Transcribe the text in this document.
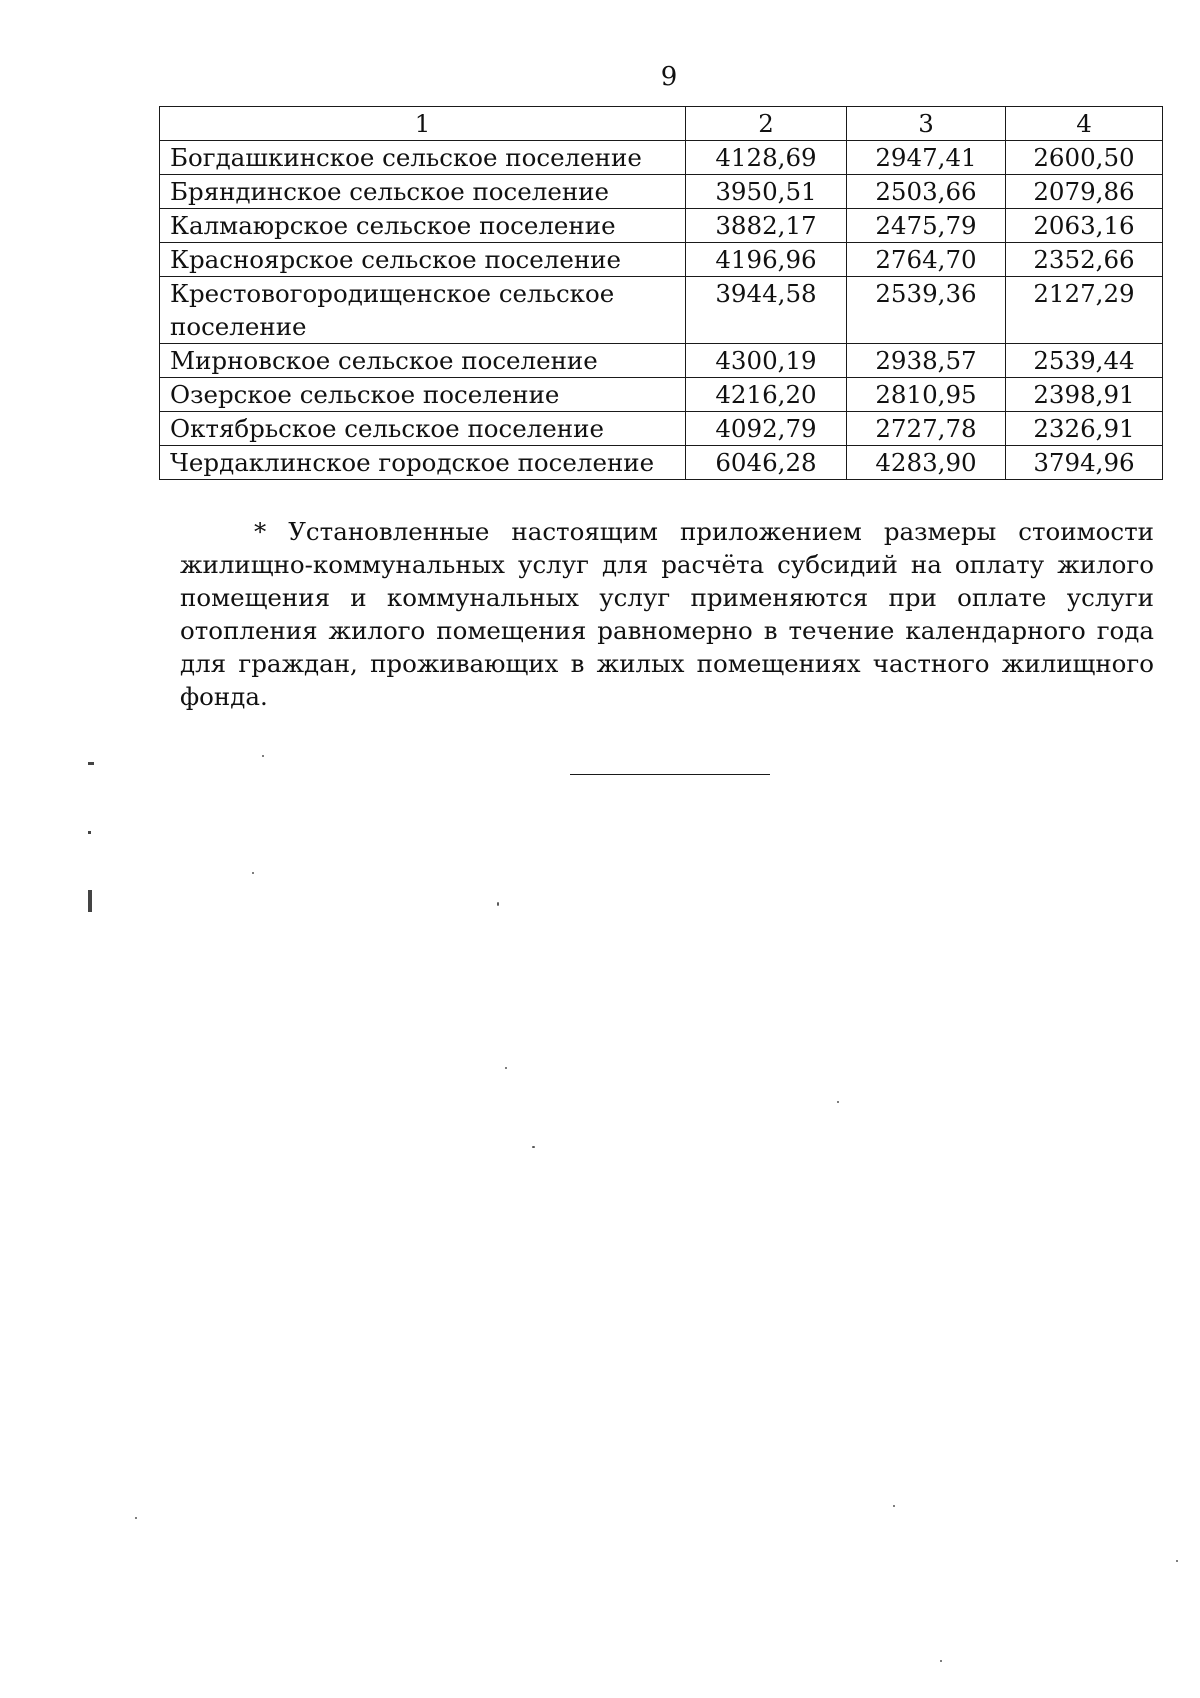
9
1	2	3	4
Богдашкинское сельское поселение	4128,69	2947,41	2600,50
Бряндинское сельское поселение	3950,51	2503,66	2079,86
Калмаюрское сельское поселение	3882,17	2475,79	2063,16
Красноярское сельское поселение	4196,96	2764,70	2352,66
Крестовогородищенское сельское поселение	3944,58	2539,36	2127,29
Мирновское сельское поселение	4300,19	2938,57	2539,44
Озерское сельское поселение	4216,20	2810,95	2398,91
Октябрьское сельское поселение	4092,79	2727,78	2326,91
Чердаклинское городское поселение	6046,28	4283,90	3794,96

* Установленные настоящим приложением размеры стоимости жилищно-коммунальных услуг для расчёта субсидий на оплату жилого помещения и коммунальных услуг применяются при оплате услуги отопления жилого помещения равномерно в течение календарного года для граждан, проживающих в жилых помещениях частного жилищного фонда.
